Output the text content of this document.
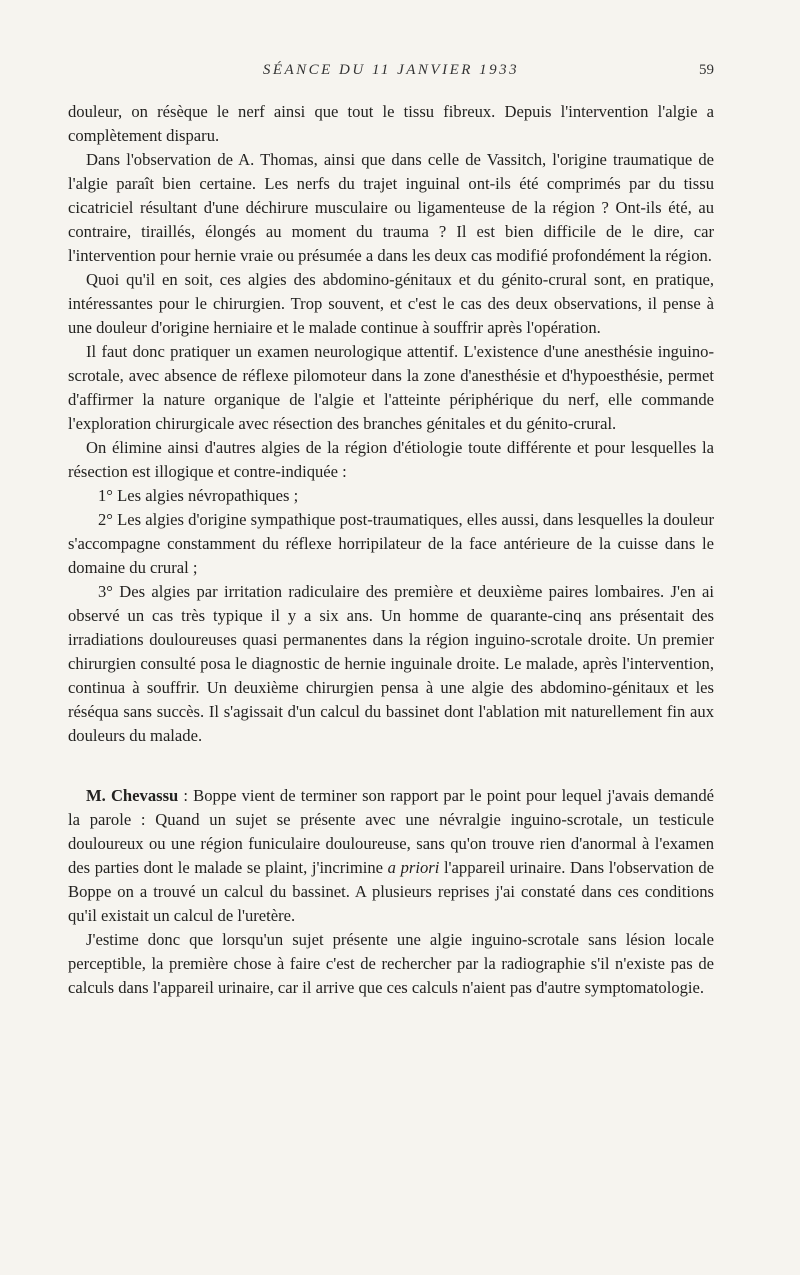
SÉANCE DU 11 JANVIER 1933	59

douleur, on résèque le nerf ainsi que tout le tissu fibreux. Depuis l'intervention l'algie a complètement disparu.

Dans l'observation de A. Thomas, ainsi que dans celle de Vassitch, l'origine traumatique de l'algie paraît bien certaine. Les nerfs du trajet inguinal ont-ils été comprimés par du tissu cicatriciel résultant d'une déchirure musculaire ou ligamenteuse de la région ? Ont-ils été, au contraire, tiraillés, élongés au moment du trauma ? Il est bien difficile de le dire, car l'intervention pour hernie vraie ou présumée a dans les deux cas modifié profondément la région.

Quoi qu'il en soit, ces algies des abdomino-génitaux et du génito-crural sont, en pratique, intéressantes pour le chirurgien. Trop souvent, et c'est le cas des deux observations, il pense à une douleur d'origine herniaire et le malade continue à souffrir après l'opération.

Il faut donc pratiquer un examen neurologique attentif. L'existence d'une anesthésie inguino-scrotale, avec absence de réflexe pilomoteur dans la zone d'anesthésie et d'hypoesthésie, permet d'affirmer la nature organique de l'algie et l'atteinte périphérique du nerf, elle commande l'exploration chirurgicale avec résection des branches génitales et du génito-crural.

On élimine ainsi d'autres algies de la région d'étiologie toute différente et pour lesquelles la résection est illogique et contre-indiquée :

1° Les algies névropathiques ;

2° Les algies d'origine sympathique post-traumatiques, elles aussi, dans lesquelles la douleur s'accompagne constamment du réflexe horripilateur de la face antérieure de la cuisse dans le domaine du crural ;

3° Des algies par irritation radiculaire des première et deuxième paires lombaires. J'en ai observé un cas très typique il y a six ans. Un homme de quarante-cinq ans présentait des irradiations douloureuses quasi permanentes dans la région inguino-scrotale droite. Un premier chirurgien consulté posa le diagnostic de hernie inguinale droite. Le malade, après l'intervention, continua à souffrir. Un deuxième chirurgien pensa à une algie des abdomino-génitaux et les réséqua sans succès. Il s'agissait d'un calcul du bassinet dont l'ablation mit naturellement fin aux douleurs du malade.

M. Chevassu : Boppe vient de terminer son rapport par le point pour lequel j'avais demandé la parole : Quand un sujet se présente avec une névralgie inguino-scrotale, un testicule douloureux ou une région funiculaire douloureuse, sans qu'on trouve rien d'anormal à l'examen des parties dont le malade se plaint, j'incrimine a priori l'appareil urinaire. Dans l'observation de Boppe on a trouvé un calcul du bassinet. A plusieurs reprises j'ai constaté dans ces conditions qu'il existait un calcul de l'uretère.

J'estime donc que lorsqu'un sujet présente une algie inguino-scrotale sans lésion locale perceptible, la première chose à faire c'est de rechercher par la radiographie s'il n'existe pas de calculs dans l'appareil urinaire, car il arrive que ces calculs n'aient pas d'autre symptomatologie.
